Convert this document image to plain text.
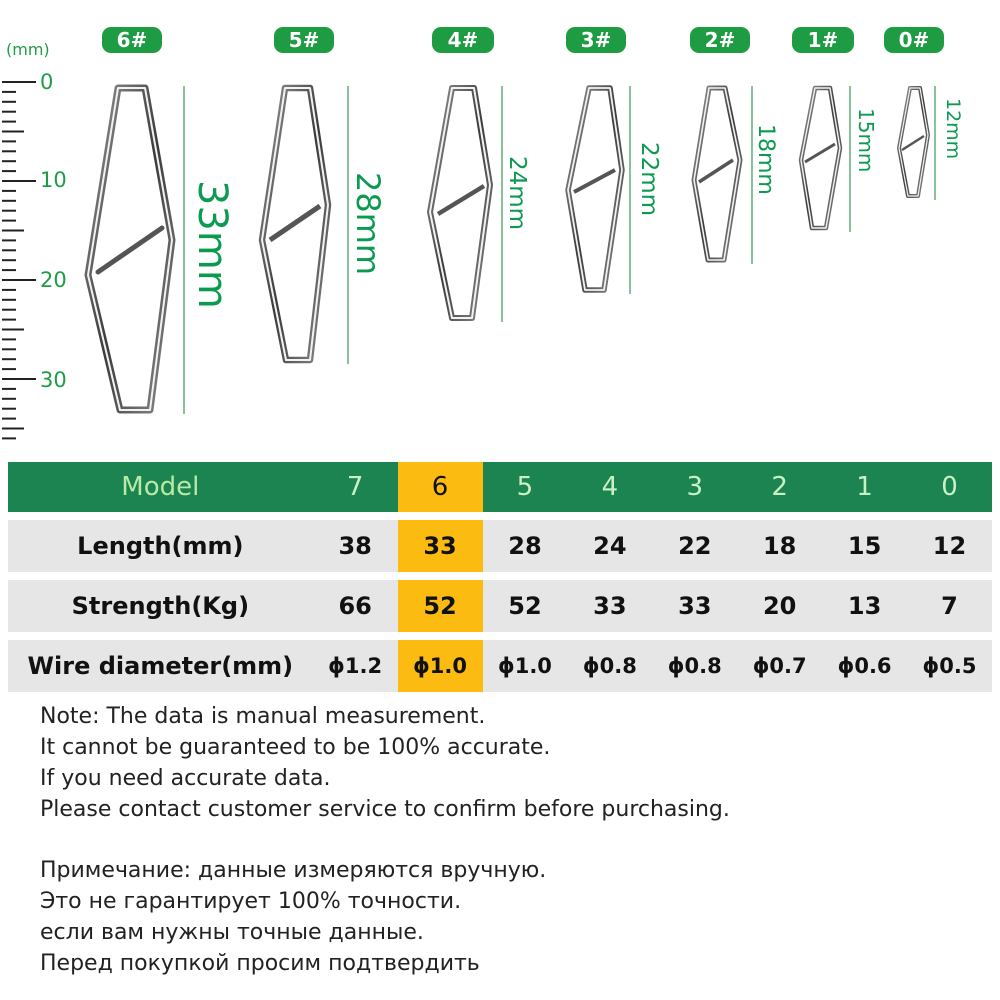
6#	5#	4#	3#	2#	1#	0#
(mm)
0
10
20
30
33mm	28mm	24mm	22mm	18mm	15mm	12mm
Model	7	6	5	4	3	2	1	0
Length(mm)	38	33	28	24	22	18	15	12
Strength(Kg)	66	52	52	33	33	20	13	7
Wire diameter(mm)	ɸ1.2	ɸ1.0	ɸ1.0	ɸ0.8	ɸ0.8	ɸ0.7	ɸ0.6	ɸ0.5
Note: The data is manual measurement.
It cannot be guaranteed to be 100% accurate.
If you need accurate data.
Please contact customer service to confirm before purchasing.
Примечание: данные измеряются вручную.
Это не гарантирует 100% точности.
если вам нужны точные данные.
Перед покупкой просим подтвердить
